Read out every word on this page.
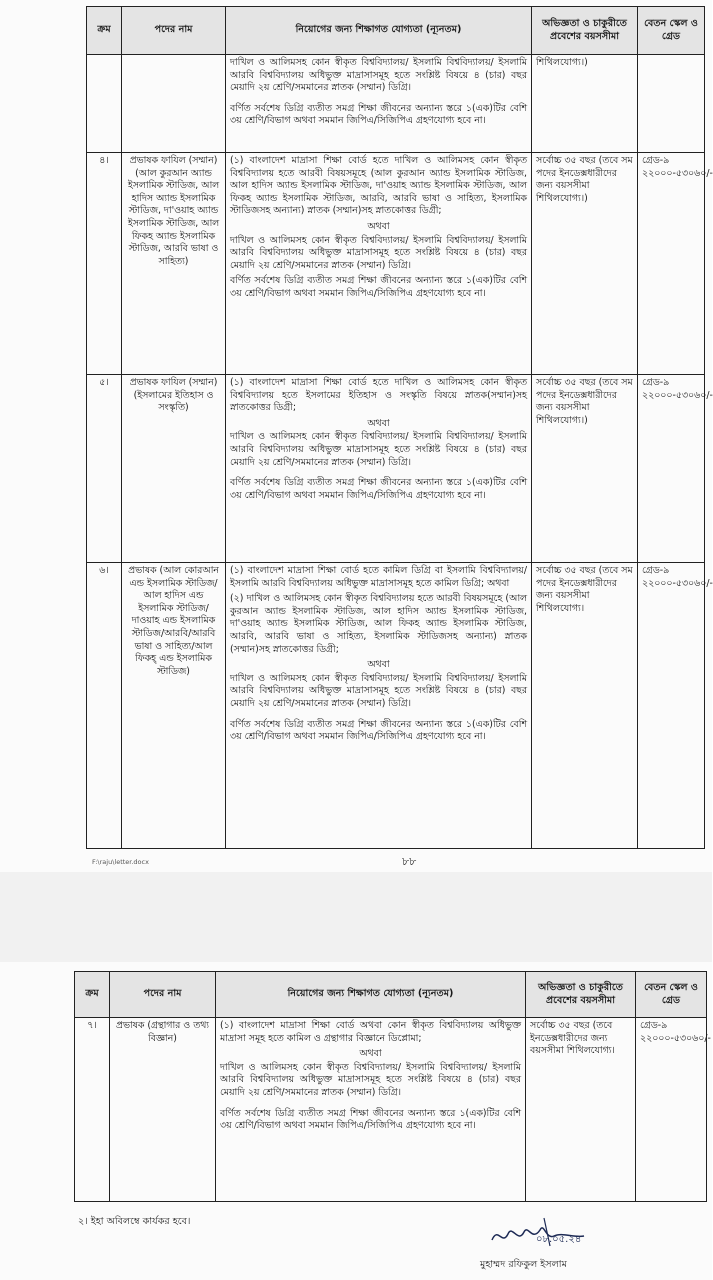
ক্রম	পদের নাম	নিয়োগের জন্য শিক্ষাগত যোগ্যতা (ন্যূনতম)	অভিজ্ঞতা ও চাকুরীতে প্রবেশের বয়সসীমা	বেতন স্কেল ও গ্রেড

		দাখিল ও আলিমসহ কোন স্বীকৃত বিশ্ববিদ্যালয়/ ইসলামি বিশ্ববিদ্যালয়/ ইসলামি আরবি বিশ্ববিদ্যালয় অধিভুক্ত মাদ্রাসাসমূহ হতে সংশ্লিষ্ট বিষয়ে ৪ (চার) বছর মেয়াদি ২য় শ্রেণি/সমমানের স্নাতক (সম্মান) ডিগ্রি।

বর্ণিত সর্বশেষ ডিগ্রি ব্যতীত সমগ্র শিক্ষা জীবনের অন্যান্য স্তরে ১(এক)টির বেশি ৩য় শ্রেণি/বিভাগ অথবা সমমান জিপিএ/সিজিপিএ গ্রহণযোগ্য হবে না।	শিথিলযোগ্য।)	
৪।	প্রভাষক ফাযিল (সম্মান) (আল কুরআন অ্যান্ড ইসলামিক স্টাডিজ, আল হাদিস অ্যান্ড ইসলামিক স্টাডিজ, দা'ওয়াহ অ্যান্ড ইসলামিক স্টাডিজ, আল ফিকহ অ্যান্ড ইসলামিক স্টাডিজ, আরবি ভাষা ও সাহিত্য)	(১) বাংলাদেশ মাদ্রাসা শিক্ষা বোর্ড হতে দাখিল ও আলিমসহ কোন স্বীকৃত বিশ্ববিদ্যালয় হতে আরবী বিষয়সমূহে (আল কুরআন অ্যান্ড ইসলামিক স্টাডিজ, আল হাদিস অ্যান্ড ইসলামিক স্টাডিজ, দা'ওয়াহ অ্যান্ড ইসলামিক স্টাডিজ, আল ফিকহ অ্যান্ড ইসলামিক স্টাডিজ, আরবি, আরবি ভাষা ও সাহিত্য, ইসলামিক স্টাডিজসহ অন্যান্য) স্নাতক (সম্মান)সহ স্নাতকোত্তর ডিগ্রী;

অথবা

দাখিল ও আলিমসহ কোন স্বীকৃত বিশ্ববিদ্যালয়/ ইসলামি বিশ্ববিদ্যালয়/ ইসলামি আরবি বিশ্ববিদ্যালয় অধিভুক্ত মাদ্রাসাসমূহ হতে সংশ্লিষ্ট বিষয়ে ৪ (চার) বছর মেয়াদি ২য় শ্রেণি/সমমানের স্নাতক (সম্মান) ডিগ্রি।

বর্ণিত সর্বশেষ ডিগ্রি ব্যতীত সমগ্র শিক্ষা জীবনের অন্যান্য স্তরে ১(এক)টির বেশি ৩য় শ্রেণি/বিভাগ অথবা সমমান জিপিএ/সিজিপিএ গ্রহণযোগ্য হবে না।	সর্বোচ্চ ৩৫ বছর (তবে সম পদের ইনডেক্সধারীদের জন্য বয়সসীমা শিথিলযোগ্য।)	গ্রেড-৯ ২২০০০-৫৩০৬০/-
৫।	প্রভাষক ফাযিল (সম্মান) (ইসলামের ইতিহাস ও সংস্কৃতি)	(১) বাংলাদেশ মাদ্রাসা শিক্ষা বোর্ড হতে দাখিল ও আলিমসহ কোন স্বীকৃত বিশ্ববিদ্যালয় হতে ইসলামের ইতিহাস ও সংস্কৃতি বিষয়ে স্নাতক(সম্মান)সহ স্নাতকোত্তর ডিগ্রী;

অথবা

দাখিল ও আলিমসহ কোন স্বীকৃত বিশ্ববিদ্যালয়/ ইসলামি বিশ্ববিদ্যালয়/ ইসলামি আরবি বিশ্ববিদ্যালয় অধিভুক্ত মাদ্রাসাসমূহ হতে সংশ্লিষ্ট বিষয়ে ৪ (চার) বছর মেয়াদি ২য় শ্রেণি/সমমানের স্নাতক (সম্মান) ডিগ্রি।

বর্ণিত সর্বশেষ ডিগ্রি ব্যতীত সমগ্র শিক্ষা জীবনের অন্যান্য স্তরে ১(এক)টির বেশি ৩য় শ্রেণি/বিভাগ অথবা সমমান জিপিএ/সিজিপিএ গ্রহণযোগ্য হবে না।	সর্বোচ্চ ৩৫ বছর (তবে সম পদের ইনডেক্সধারীদের জন্য বয়সসীমা শিথিলযোগ্য।)	গ্রেড-৯ ২২০০০-৫৩০৬০/-
৬।	প্রভাষক (আল কোরআন এন্ড ইসলামিক স্টাডিজ/আল হাদিস এন্ড ইসলামিক স্টাডিজ/দাওয়াহ এন্ড ইসলামিক স্টাডিজ/আরবি/আরবি ভাষা ও সাহিত্য/আল ফিকহ্ এন্ড ইসলামিক স্টাডিজ)	(১) বাংলাদেশ মাদ্রাসা শিক্ষা বোর্ড হতে কামিল ডিগ্রি বা ইসলামি বিশ্ববিদ্যালয়/ইসলামি আরবি বিশ্ববিদ্যালয় অধিভুক্ত মাদ্রাসাসমূহ হতে কামিল ডিগ্রি; অথবা

(২) দাখিল ও আলিমসহ কোন স্বীকৃত বিশ্ববিদ্যালয় হতে আরবী বিষয়সমূহে (আল কুরআন অ্যান্ড ইসলামিক স্টাডিজ, আল হাদিস অ্যান্ড ইসলামিক স্টাডিজ, দা'ওয়াহ অ্যান্ড ইসলামিক স্টাডিজ, আল ফিকহ অ্যান্ড ইসলামিক স্টাডিজ, আরবি, আরবি ভাষা ও সাহিত্য, ইসলামিক স্টাডিজসহ অন্যান্য) স্নাতক (সম্মান)সহ স্নাতকোত্তর ডিগ্রী;

অথবা

দাখিল ও আলিমসহ কোন স্বীকৃত বিশ্ববিদ্যালয়/ ইসলামি বিশ্ববিদ্যালয়/ ইসলামি আরবি বিশ্ববিদ্যালয় অধিভুক্ত মাদ্রাসাসমূহ হতে সংশ্লিষ্ট বিষয়ে ৪ (চার) বছর মেয়াদি ২য় শ্রেণি/সমমানের স্নাতক (সম্মান) ডিগ্রি।

বর্ণিত সর্বশেষ ডিগ্রি ব্যতীত সমগ্র শিক্ষা জীবনের অন্যান্য স্তরে ১(এক)টির বেশি ৩য় শ্রেণি/বিভাগ অথবা সমমান জিপিএ/সিজিপিএ গ্রহণযোগ্য হবে না।	সর্বোচ্চ ৩৫ বছর (তবে সম পদের ইনডেক্সধারীদের জন্য বয়সসীমা শিথিলযোগ্য।	গ্রেড-৯ ২২০০০-৫৩০৬০/-
F:\raju\letter.docx	৮৮
ক্রম	পদের নাম	নিয়োগের জন্য শিক্ষাগত যোগ্যতা (ন্যূনতম)	অভিজ্ঞতা ও চাকুরীতে প্রবেশের বয়সসীমা	বেতন স্কেল ও গ্রেড
৭।	প্রভাষক (গ্রন্থাগার ও তথ্য বিজ্ঞান)	(১) বাংলাদেশ মাদ্রাসা শিক্ষা বোর্ড অথবা কোন স্বীকৃত বিশ্ববিদ্যালয় অধিভুক্ত মাদ্রাসা সমূহ হতে কামিল ও গ্রন্থাগার বিজ্ঞানে ডিপ্লোমা;

অথবা

দাখিল ও আলিমসহ কোন স্বীকৃত বিশ্ববিদ্যালয়/ ইসলামি বিশ্ববিদ্যালয়/ ইসলামি আরবি বিশ্ববিদ্যালয় অধিভুক্ত মাদ্রাসাসমূহ হতে সংশ্লিষ্ট বিষয়ে ৪ (চার) বছর মেয়াদি ২য় শ্রেণি/সমমানের স্নাতক (সম্মান) ডিগ্রি।

বর্ণিত সর্বশেষ ডিগ্রি ব্যতীত সমগ্র শিক্ষা জীবনের অন্যান্য স্তরে ১(এক)টির বেশি ৩য় শ্রেণি/বিভাগ অথবা সমমান জিপিএ/সিজিপিএ গ্রহণযোগ্য হবে না।	সর্বোচ্চ ৩৫ বছর (তবে ইনডেক্সধারীদের জন্য বয়সসীমা শিথিলযোগ্য।	গ্রেড-৯ ২২০০০-৫৩০৬০/-
২। ইহা অবিলম্বে কার্যকর হবে।
০৮.০৫.২৪
মুহাম্মদ রফিকুল ইসলাম
